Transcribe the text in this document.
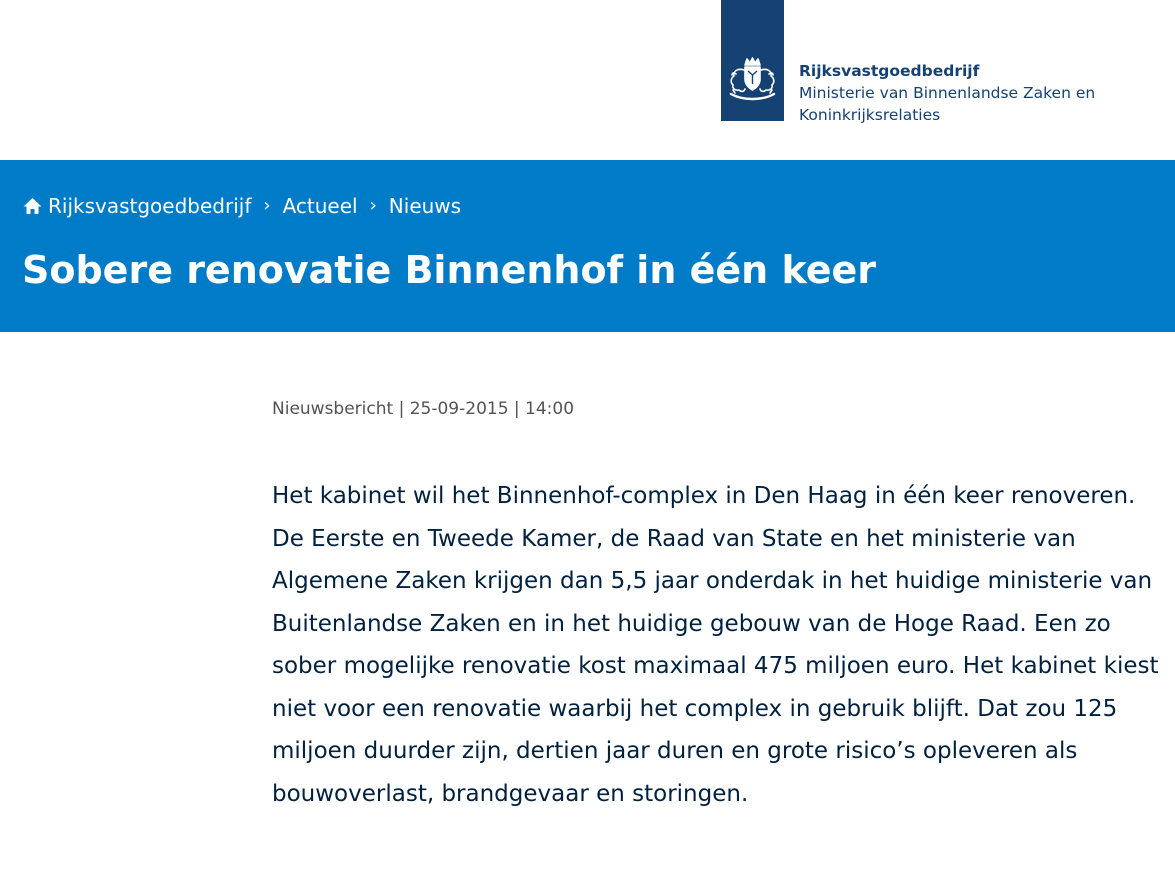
Rijksvastgoedbedrijf
Ministerie van Binnenlandse Zaken en Koninkrijksrelaties
Rijksvastgoedbedrijf › Actueel › Nieuws
Sobere renovatie Binnenhof in één keer
Nieuwsbericht | 25-09-2015 | 14:00

Het kabinet wil het Binnenhof-complex in Den Haag in één keer renoveren. De Eerste en Tweede Kamer, de Raad van State en het ministerie van Algemene Zaken krijgen dan 5,5 jaar onderdak in het huidige ministerie van Buitenlandse Zaken en in het huidige gebouw van de Hoge Raad. Een zo sober mogelijke renovatie kost maximaal 475 miljoen euro. Het kabinet kiest niet voor een renovatie waarbij het complex in gebruik blijft. Dat zou 125 miljoen duurder zijn, dertien jaar duren en grote risico’s opleveren als bouwoverlast, brandgevaar en storingen.
